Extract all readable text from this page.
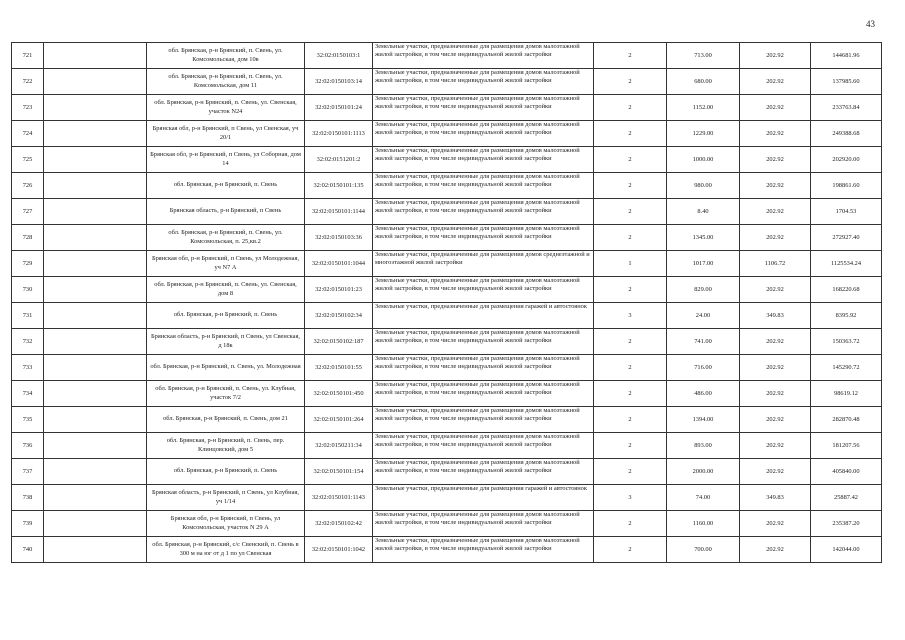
43
721		обл. Брянская, р-н Брянский, п. Свень, ул. Комсомольская, дом 10в	32:02:0150103:1	Земельные участки, предназначенные для размещения домов малоэтажной жилой застройки, в том числе индивидуальной жилой застройки	2	713.00	202.92	144681.96
722		обл. Брянская, р-н Брянский, п. Свень, ул. Комсомольская, дом 11	32:02:0150103:14	Земельные участки, предназначенные для размещения домов малоэтажной жилой застройки, в том числе индивидуальной жилой застройки	2	680.00	202.92	137985.60
723		обл. Брянская, р-н Брянский, п. Свень, ул. Свенская, участок N24	32:02:0150101:24	Земельные участки, предназначенные для размещения домов малоэтажной жилой застройки, в том числе индивидуальной жилой застройки	2	1152.00	202.92	233763.84
724		Брянская обл, р-н Брянский, п Свень, ул Свенская, уч 20/1	32:02:0150101:1113	Земельные участки, предназначенные для размещения домов малоэтажной жилой застройки, в том числе индивидуальной жилой застройки	2	1229.00	202.92	249388.68
725		Брянская обл, р-н Брянский, п Свень, ул Соборная, дом 14	32:02:0151201:2	Земельные участки, предназначенные для размещения домов малоэтажной жилой застройки, в том числе индивидуальной жилой застройки	2	1000.00	202.92	202920.00
726		обл. Брянская, р-н Брянский, п. Свень	32:02:0150101:135	Земельные участки, предназначенные для размещения домов малоэтажной жилой застройки, в том числе индивидуальной жилой застройки	2	980.00	202.92	198861.60
727		Брянская область, р-н Брянский, п Свень	32:02:0150101:1144	Земельные участки, предназначенные для размещения домов малоэтажной жилой застройки, в том числе индивидуальной жилой застройки	2	8.40	202.92	1704.53
728		обл. Брянская, р-н Брянский, п. Свень, ул. Комсомольская, п. 25,кв.2	32:02:0150103:36	Земельные участки, предназначенные для размещения домов малоэтажной жилой застройки, в том числе индивидуальной жилой застройки	2	1345.00	202.92	272927.40
729		Брянская обл, р-н Брянский, п Свень, ул Молодежная, уч N7 А	32:02:0150101:1044	Земельные участки, предназначенные для размещения домов среднеэтажной и многоэтажной жилой застройки	1	1017.00	1106.72	1125534.24
730		обл. Брянская, р-н Брянский, п. Свень, ул. Свенская, дом 8	32:02:0150101:23	Земельные участки, предназначенные для размещения домов малоэтажной жилой застройки, в том числе индивидуальной жилой застройки	2	829.00	202.92	168220.68
731		обл. Брянская, р-н Брянский, п. Свень	32:02:0150102:34	Земельные участки, предназначенные для размещения гаражей и автостоянок	3	24.00	349.83	8395.92
732		Брянская область, р-н Брянский, п Свень, ул Свенская, д 18к	32:02:0150102:187	Земельные участки, предназначенные для размещения домов малоэтажной жилой застройки, в том числе индивидуальной жилой застройки	2	741.00	202.92	150363.72
733		обл. Брянская, р-н Брянский, п. Свень, ул. Молодежная	32:02:0150101:55	Земельные участки, предназначенные для размещения домов малоэтажной жилой застройки, в том числе индивидуальной жилой застройки	2	716.00	202.92	145290.72
734		обл. Брянская, р-н Брянский, п. Свень, ул. Клубная, участок 7/2	32:02:0150101:450	Земельные участки, предназначенные для размещения домов малоэтажной жилой застройки, в том числе индивидуальной жилой застройки	2	486.00	202.92	98619.12
735		обл. Брянская, р-н Брянский, п. Свень, дом 21	32:02:0150101:264	Земельные участки, предназначенные для размещения домов малоэтажной жилой застройки, в том числе индивидуальной жилой застройки	2	1394.00	202.92	282870.48
736		обл. Брянская, р-н Брянский, п. Свень, пер. Клинцовский, дом 5	32:02:0150211:34	Земельные участки, предназначенные для размещения домов малоэтажной жилой застройки, в том числе индивидуальной жилой застройки	2	893.00	202.92	181207.56
737		обл. Брянская, р-н Брянский, п. Свень	32:02:0150101:154	Земельные участки, предназначенные для размещения домов малоэтажной жилой застройки, в том числе индивидуальной жилой застройки	2	2000.00	202.92	405840.00
738		Брянская область, р-н Брянский, п Свень, ул Клубная, уч 1/14	32:02:0150101:1143	Земельные участки, предназначенные для размещения гаражей и автостоянок	3	74.00	349.83	25887.42
739		Брянская обл, р-н Брянский, п Свень, ул Комсомольская, участок N 29 А	32:02:0150102:42	Земельные участки, предназначенные для размещения домов малоэтажной жилой застройки, в том числе индивидуальной жилой застройки	2	1160.00	202.92	235387.20
740		обл. Брянская, р-н Брянский, с/с Свенский, п. Свень в 300 м на юг от д 1 по ул Свенская	32:02:0150101:1042	Земельные участки, предназначенные для размещения домов малоэтажной жилой застройки, в том числе индивидуальной жилой застройки	2	700.00	202.92	142044.00
